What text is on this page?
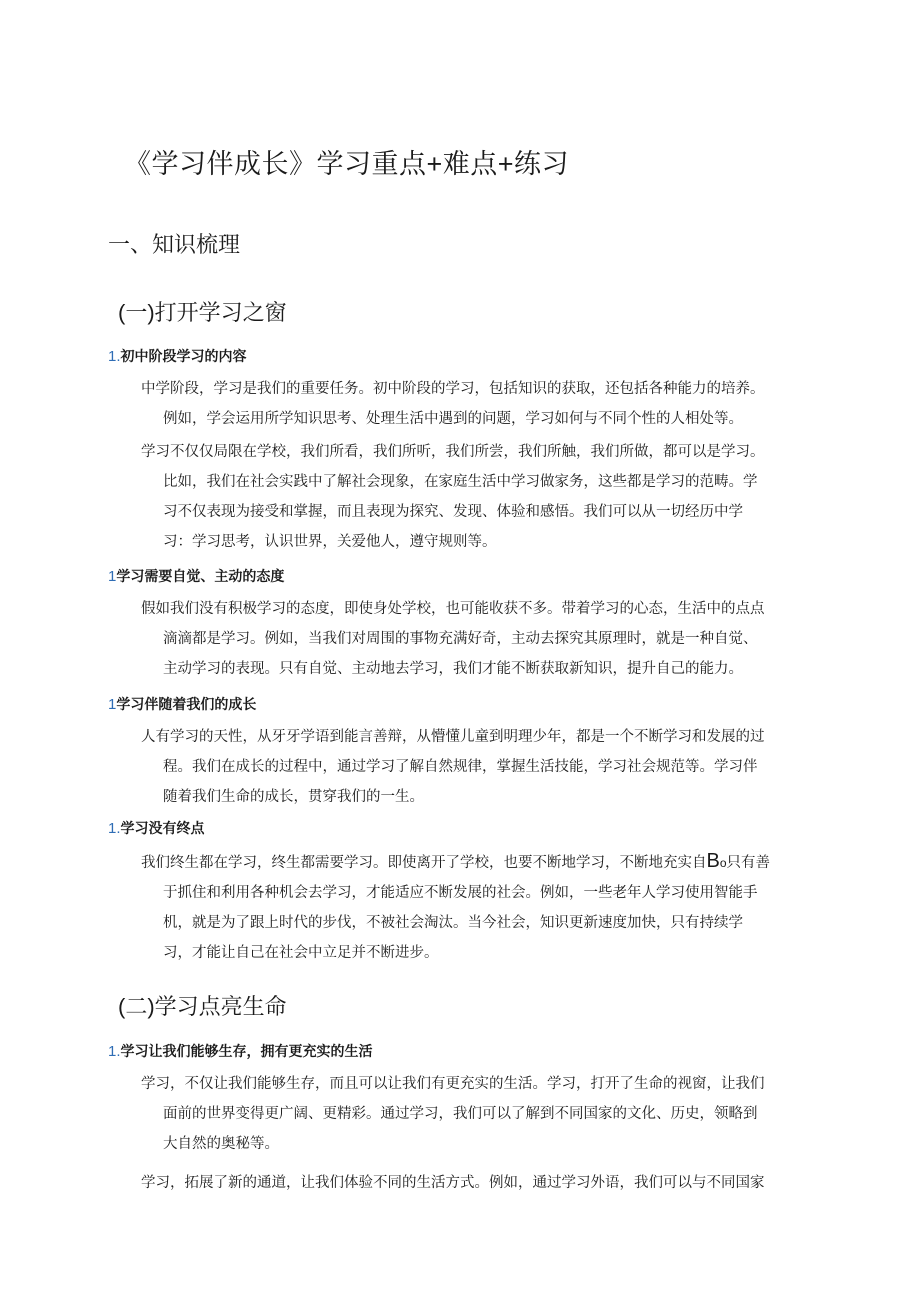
《学习伴成长》学习重点+难点+练习
一、知识梳理
(一)打开学习之窗
1.初中阶段学习的内容
中学阶段，学习是我们的重要任务。初中阶段的学习，包括知识的获取，还包括各种能力的培养。
例如，学会运用所学知识思考、处理生活中遇到的问题，学习如何与不同个性的人相处等。
学习不仅仅局限在学校，我们所看，我们所听，我们所尝，我们所触，我们所做，都可以是学习。
比如，我们在社会实践中了解社会现象，在家庭生活中学习做家务，这些都是学习的范畴。学
习不仅表现为接受和掌握，而且表现为探究、发现、体验和感悟。我们可以从一切经历中学
习：学习思考，认识世界，关爱他人，遵守规则等。
1学习需要自觉、主动的态度
假如我们没有积极学习的态度，即使身处学校，也可能收获不多。带着学习的心态，生活中的点点
滴滴都是学习。例如，当我们对周围的事物充满好奇，主动去探究其原理时，就是一种自觉、
主动学习的表现。只有自觉、主动地去学习，我们才能不断获取新知识，提升自己的能力。
1学习伴随着我们的成长
人有学习的天性，从牙牙学语到能言善辩，从懵懂儿童到明理少年，都是一个不断学习和发展的过
程。我们在成长的过程中，通过学习了解自然规律，掌握生活技能，学习社会规范等。学习伴
随着我们生命的成长，贯穿我们的一生。
1.学习没有终点
我们终生都在学习，终生都需要学习。即使离开了学校，也要不断地学习，不断地充实自Bo只有善
于抓住和利用各种机会去学习，才能适应不断发展的社会。例如，一些老年人学习使用智能手
机，就是为了跟上时代的步伐，不被社会淘汰。当今社会，知识更新速度加快，只有持续学
习，才能让自己在社会中立足并不断进步。
(二)学习点亮生命
1.学习让我们能够生存，拥有更充实的生活
学习，不仅让我们能够生存，而且可以让我们有更充实的生活。学习，打开了生命的视窗，让我们
面前的世界变得更广阔、更精彩。通过学习，我们可以了解到不同国家的文化、历史，领略到
大自然的奥秘等。
学习，拓展了新的通道，让我们体验不同的生活方式。例如，通过学习外语，我们可以与不同国家
